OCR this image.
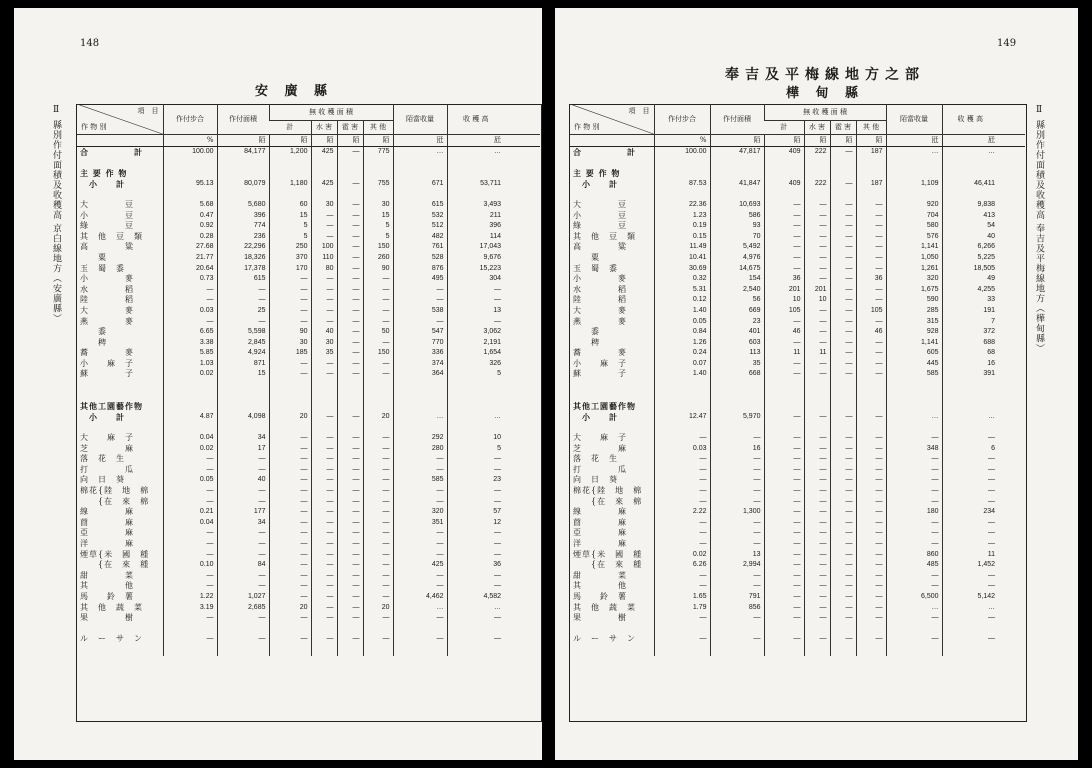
148
安 廣 縣
Ⅱ 縣別作付面積及收穫高 京白線地方（安廣縣）	項　目
作 物 別	作付步合	作付面積	無 收 穫 面 積				陌當收量	收 穫 高	
			計	水 害	雹 害	其 他			
	%	陌	陌	陌	陌	陌	瓩	瓩	
合　　　　　計	100.00	84,177	1,200	425	—	775	…	…	

主 要 作 物									
　小　　計	95.13	80,079	1,180	425	—	755	671	53,711	

大　　　　豆	5.68	5,680	60	30	—	30	615	3,493	
小　　　　豆	0.47	396	15	—	—	15	532	211	
綠　　　　豆	0.92	774	5	—	—	5	512	396	
其　他　豆　類	0.28	236	5	—	—	5	482	114	
高　　　　粱	27.68	22,296	250	100	—	150	761	17,043	
　　粟	21.77	18,326	370	110	—	260	528	9,676	
玉　蜀　黍	20.64	17,378	170	80	—	90	876	15,223	
小　　　　麥	0.73	615	—	—	—	—	495	304	
水　　　　稻	—	—	—	—	—	—	—	—	
陸　　　　稻	—	—	—	—	—	—	—	—	
大　　　　麥	0.03	25	—	—	—	—	538	13	
燕　　　　麥	—	—	—	—	—	—	—	—	
　　黍	6.65	5,598	90	40	—	50	547	3,062	
　　稗	3.38	2,845	30	30	—	—	770	2,191	
蕎　　　　麥	5.85	4,924	185	35	—	150	336	1,654	
小　　麻　子	1.03	871	—	—	—	—	374	326	
蘇　　　　子	0.02	15	—	—	—	—	364	5	

其他工園藝作物									
　小　　計	4.87	4,098	20	—	—	20	…	…	

大　　麻　子	0.04	34	—	—	—	—	292	10	
芝　　　　麻	0.02	17	—	—	—	—	280	5	
落　花　生	—	—	—	—	—	—	—	—	
打　　　　瓜	—	—	—	—	—	—	—	—	
向　日　葵	0.05	40	—	—	—	—	585	23	
棉花{陸　地　棉	—	—	—	—	—	—	—	—	
　　{在　來　棉	—	—	—	—	—	—	—	—	
線　　　　麻	0.21	177	—	—	—	—	320	57	
莔　　　　麻	0.04	34	—	—	—	—	351	12	
亞　　　　麻	—	—	—	—	—	—	—	—	
洋　　　　麻	—	—	—	—	—	—	—	—	
煙草{米　國　種	—	—	—	—	—	—	—	—	
　　{在　來　種	0.10	84	—	—	—	—	425	36	
甜　　　　菜	—	—	—	—	—	—	—	—	
其　　　　他	—	—	—	—	—	—	—	—	
馬　　鈴　薯	1.22	1,027	—	—	—	—	4,462	4,582	
其　他　蔬　菜	3.19	2,685	20	—	—	20	…	…	
果　　　　樹	—	—	—	—	—	—	—	—	

ル　ー　サ　ン	—	—	—	—	—	—	—	—	

149
奉吉及平梅線地方之部
樺 甸 縣
Ⅱ 縣別作付面積及收穫高 奉吉及平梅線地方（樺甸縣）
項　目
作 物 別	作付步合	作付面積	無 收 穫 面 積				陌當收量	收 穫 高	
			計	水 害	雹 害	其 他			
	%	陌	陌	陌	陌	陌	瓩	瓩	
合　　　　　計	100.00	47,817	409	222	—	187	…	…	

主 要 作 物									
　小　　計	87.53	41,847	409	222	—	187	1,109	46,411	

大　　　　豆	22.36	10,693	—	—	—	—	920	9,838	
小　　　　豆	1.23	586	—	—	—	—	704	413	
綠　　　　豆	0.19	93	—	—	—	—	580	54	
其　他　豆　類	0.15	70	—	—	—	—	576	40	
高　　　　粱	11.49	5,492	—	—	—	—	1,141	6,266	
　　粟	10.41	4,976	—	—	—	—	1,050	5,225	
玉　蜀　黍	30.69	14,675	—	—	—	—	1,261	18,505	
小　　　　麥	0.32	154	36	—	—	36	320	49	
水　　　　稻	5.31	2,540	201	201	—	—	1,675	4,255	
陸　　　　稻	0.12	56	10	10	—	—	590	33	
大　　　　麥	1.40	669	105	—	—	105	285	191	
燕　　　　麥	0.05	23	—	—	—	—	315	7	
　　黍	0.84	401	46	—	—	46	928	372	
　　稗	1.26	603	—	—	—	—	1,141	688	
蕎　　　　麥	0.24	113	11	11	—	—	605	68	
小　　麻　子	0.07	35	—	—	—	—	445	16	
蘇　　　　子	1.40	668	—	—	—	—	585	391	

其他工園藝作物									
　小　　計	12.47	5,970	—	—	—	—	…	…	

大　　麻　子	—	—	—	—	—	—	—	—	
芝　　　　麻	0.03	16	—	—	—	—	348	6	
落　花　生	—	—	—	—	—	—	—	—	
打　　　　瓜	—	—	—	—	—	—	—	—	
向　日　葵	—	—	—	—	—	—	—	—	
棉花{陸　地　棉	—	—	—	—	—	—	—	—	
　　{在　來　棉	—	—	—	—	—	—	—	—	
線　　　　麻	2.22	1,300	—	—	—	—	180	234	
莔　　　　麻	—	—	—	—	—	—	—	—	
亞　　　　麻	—	—	—	—	—	—	—	—	
洋　　　　麻	—	—	—	—	—	—	—	—	
煙草{米　國　種	0.02	13	—	—	—	—	860	11	
　　{在　來　種	6.26	2,994	—	—	—	—	485	1,452	
甜　　　　菜	—	—	—	—	—	—	—	—	
其　　　　他	—	—	—	—	—	—	—	—	
馬　　鈴　薯	1.65	791	—	—	—	—	6,500	5,142	
其　他　蔬　菜	1.79	856	—	—	—	—	…	…	
果　　　　樹	—	—	—	—	—	—	—	—	

ル　ー　サ　ン	—	—	—	—	—	—	—	—	
